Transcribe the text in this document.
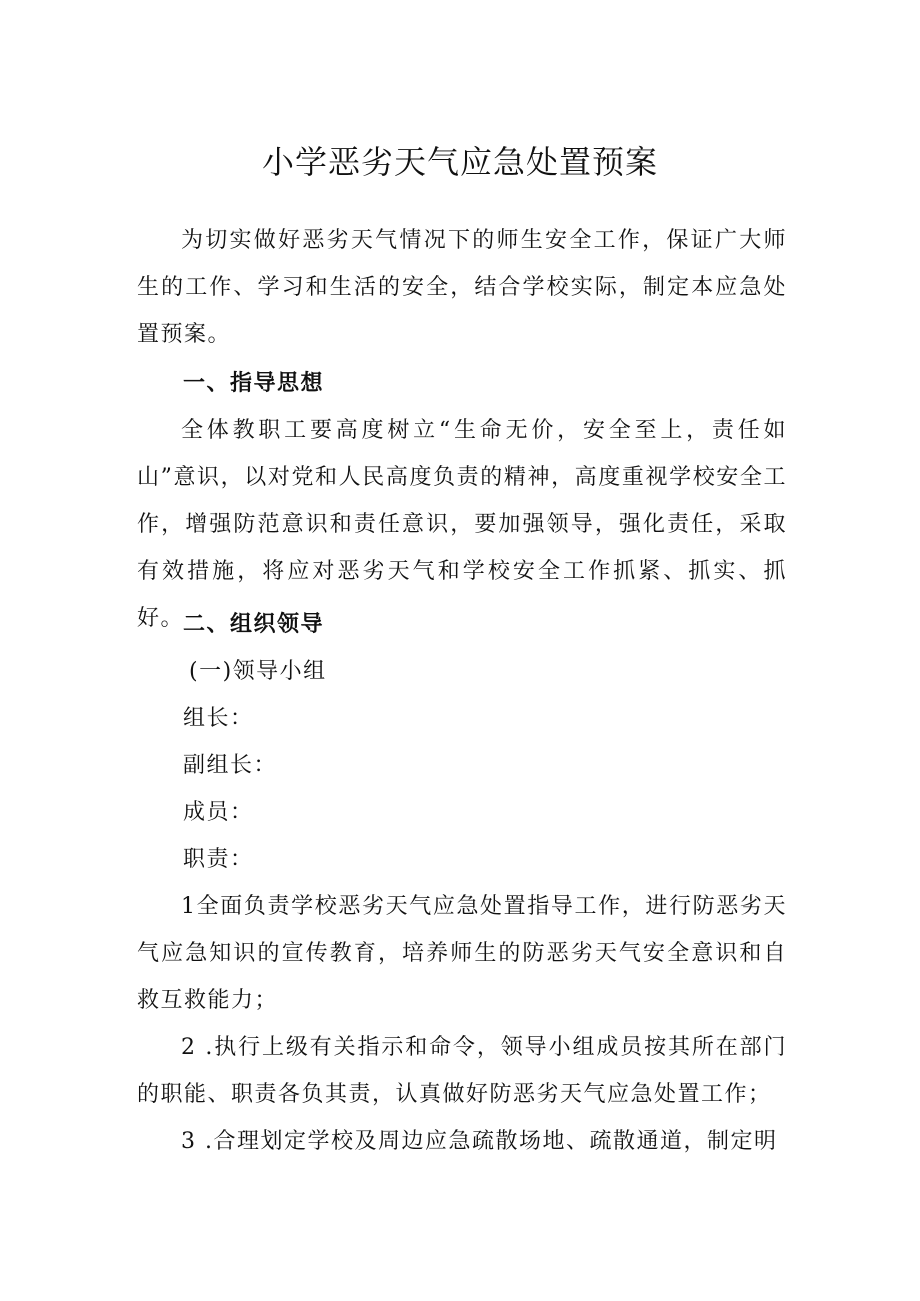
小学恶劣天气应急处置预案

为切实做好恶劣天气情况下的师生安全工作，保证广大师生的工作、学习和生活的安全，结合学校实际，制定本应急处置预案。

一、指导思想

全体教职工要高度树立“生命无价，安全至上，责任如山”意识，以对党和人民高度负责的精神，高度重视学校安全工作，增强防范意识和责任意识，要加强领导，强化责任，采取有效措施，将应对恶劣天气和学校安全工作抓紧、抓实、抓好。

二、组织领导

(一)领导小组

组长：

副组长：

成员：

职责：

1全面负责学校恶劣天气应急处置指导工作，进行防恶劣天气应急知识的宣传教育，培养师生的防恶劣天气安全意识和自救互救能力；

2 .执行上级有关指示和命令，领导小组成员按其所在部门的职能、职责各负其责，认真做好防恶劣天气应急处置工作；

3 .合理划定学校及周边应急疏散场地、疏散通道，制定明
